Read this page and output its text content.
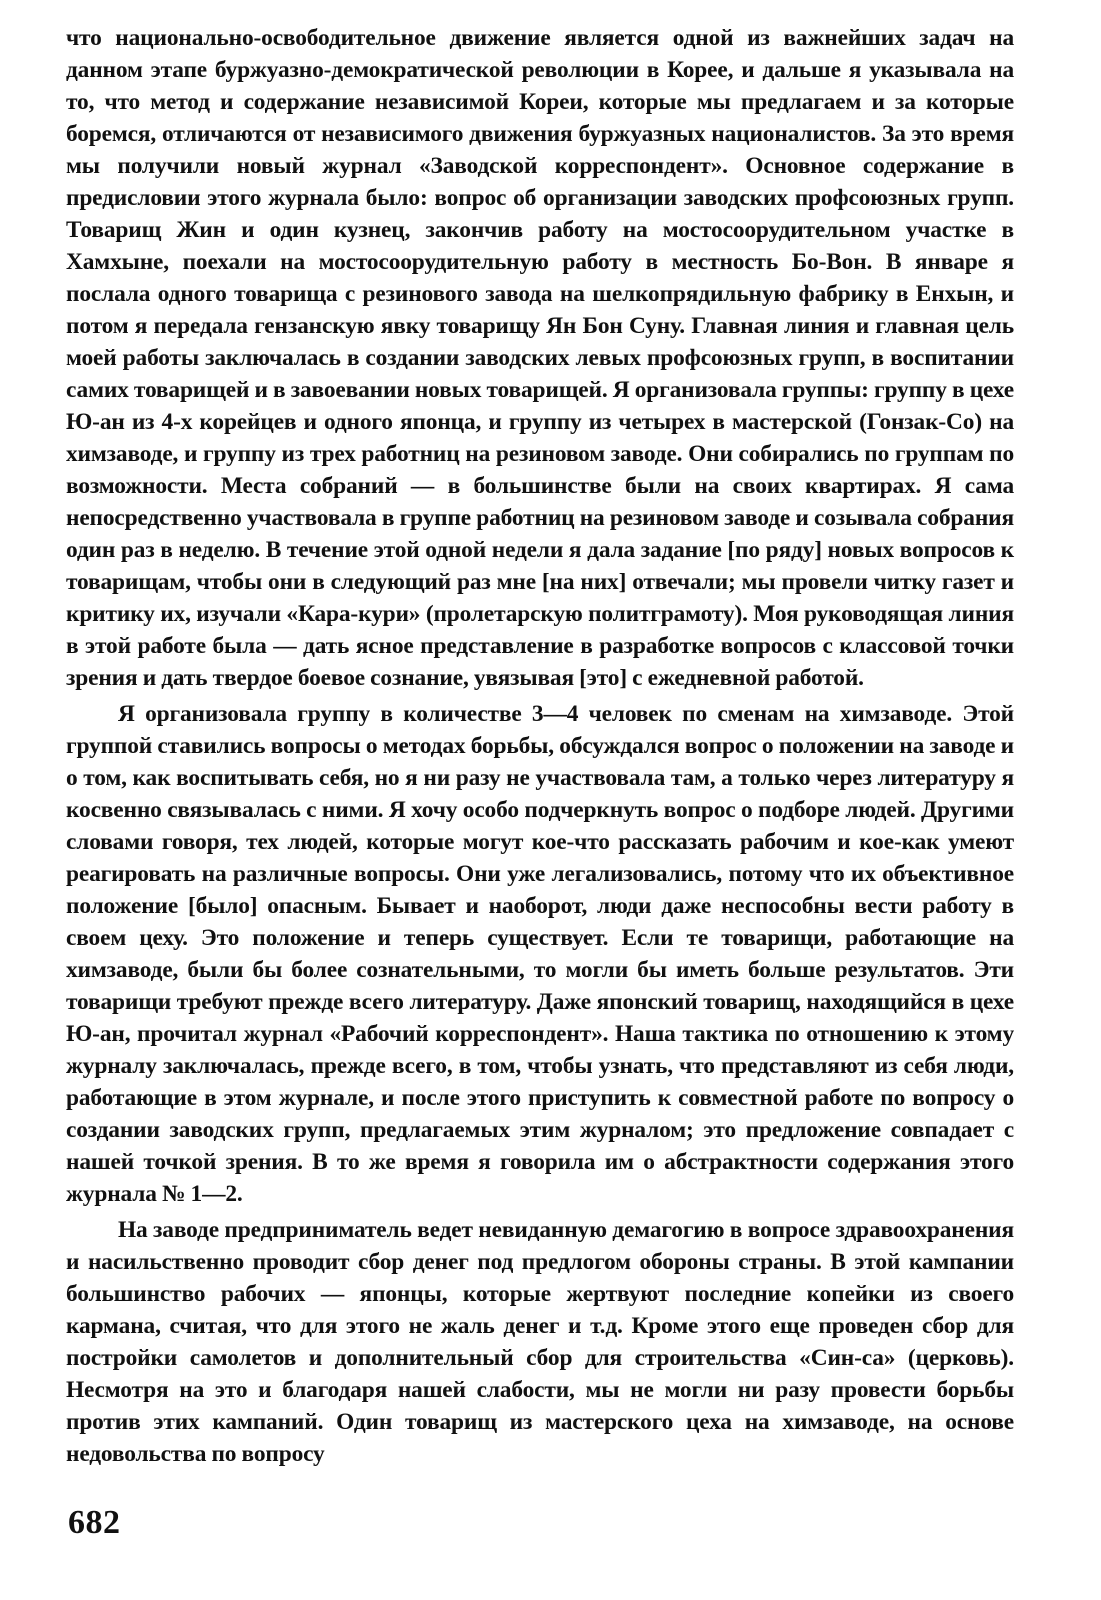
что национально-освободительное движение является одной из важнейших задач на данном этапе буржуазно-демократической революции в Корее, и дальше я указывала на то, что метод и содержание независимой Кореи, которые мы предлагаем и за которые боремся, отличаются от независимого движения буржуазных националистов. За это время мы получили новый журнал «Заводской корреспондент». Основное содержание в предисловии этого журнала было: вопрос об организации заводских профсоюзных групп. Товарищ Жин и один кузнец, закончив работу на мостосоорудительном участке в Хамхыне, поехали на мостосоорудительную работу в местность Бо-Вон. В январе я послала одного товарища с резинового завода на шелкопрядильную фабрику в Енхын, и потом я передала гензанскую явку товарищу Ян Бон Суну. Главная линия и главная цель моей работы заключалась в создании заводских левых профсоюзных групп, в воспитании самих товарищей и в завоевании новых товарищей. Я организовала группы: группу в цехе Ю-ан из 4-х корейцев и одного японца, и группу из четырех в мастерской (Гонзак-Со) на химзаводе, и группу из трех работниц на резиновом заводе. Они собирались по группам по возможности. Места собраний — в большинстве были на своих квартирах. Я сама непосредственно участвовала в группе работниц на резиновом заводе и созывала собрания один раз в неделю. В течение этой одной недели я дала задание [по ряду] новых вопросов к товарищам, чтобы они в следующий раз мне [на них] отвечали; мы провели читку газет и критику их, изучали «Кара-кури» (пролетарскую политграмоту). Моя руководящая линия в этой работе была — дать ясное представление в разработке вопросов с классовой точки зрения и дать твердое боевое сознание, увязывая [это] с ежедневной работой.

Я организовала группу в количестве 3—4 человек по сменам на химзаводе. Этой группой ставились вопросы о методах борьбы, обсуждался вопрос о положении на заводе и о том, как воспитывать себя, но я ни разу не участвовала там, а только через литературу я косвенно связывалась с ними. Я хочу особо подчеркнуть вопрос о подборе людей. Другими словами говоря, тех людей, которые могут кое-что рассказать рабочим и кое-как умеют реагировать на различные вопросы. Они уже легализовались, потому что их объективное положение [было] опасным. Бывает и наоборот, люди даже неспособны вести работу в своем цеху. Это положение и теперь существует. Если те товарищи, работающие на химзаводе, были бы более сознательными, то могли бы иметь больше результатов. Эти товарищи требуют прежде всего литературу. Даже японский товарищ, находящийся в цехе Ю-ан, прочитал журнал «Рабочий корреспондент». Наша тактика по отношению к этому журналу заключалась, прежде всего, в том, чтобы узнать, что представляют из себя люди, работающие в этом журнале, и после этого приступить к совместной работе по вопросу о создании заводских групп, предлагаемых этим журналом; это предложение совпадает с нашей точкой зрения. В то же время я говорила им о абстрактности содержания этого журнала № 1—2.

На заводе предприниматель ведет невиданную демагогию в вопросе здравоохранения и насильственно проводит сбор денег под предлогом обороны страны. В этой кампании большинство рабочих — японцы, которые жертвуют последние копейки из своего кармана, считая, что для этого не жаль денег и т.д. Кроме этого еще проведен сбор для постройки самолетов и дополнительный сбор для строительства «Син-са» (церковь). Несмотря на это и благодаря нашей слабости, мы не могли ни разу провести борьбы против этих кампаний. Один товарищ из мастерского цеха на химзаводе, на основе недовольства по вопросу

682
